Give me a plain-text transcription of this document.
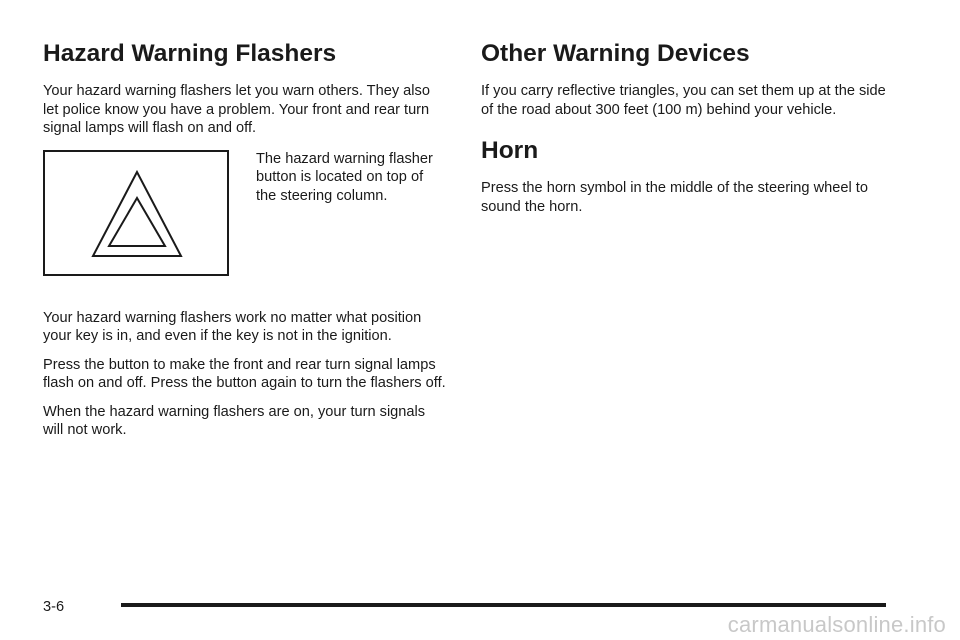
Hazard Warning Flashers

Your hazard warning flashers let you warn others. They also let police know you have a problem. Your front and rear turn signal lamps will flash on and off.

The hazard warning flasher button is located on top of the steering column.

Your hazard warning flashers work no matter what position your key is in, and even if the key is not in the ignition.

Press the button to make the front and rear turn signal lamps flash on and off. Press the button again to turn the flashers off.

When the hazard warning flashers are on, your turn signals will not work.

Other Warning Devices

If you carry reflective triangles, you can set them up at the side of the road about 300 feet (100 m) behind your vehicle.

Horn

Press the horn symbol in the middle of the steering wheel to sound the horn.

3-6
carmanualsonline.info
